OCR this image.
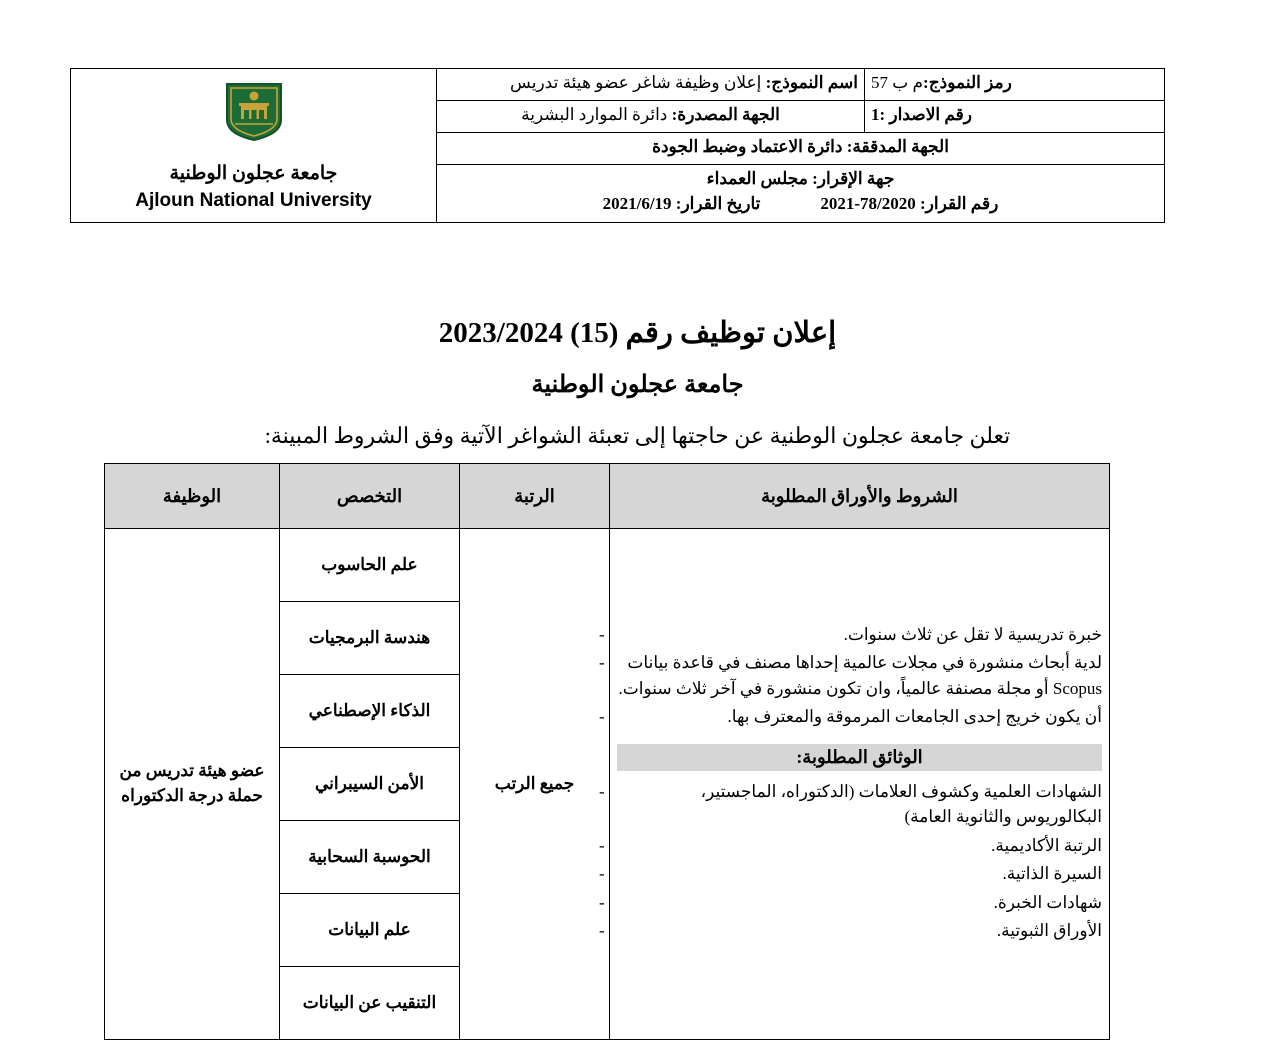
رمز النموذج:م ب 57	اسم النموذج: إعلان وظيفة شاغر عضو هيئة تدريس	جامعة عجلون الوطنية
Ajloun National University

رقم الاصدار :1	الجهة المصدرة: دائرة الموارد البشرية	
الجهة المدققة: دائرة الاعتماد وضبط الجودة		

جهة الإقرار: مجلس العمداء
رقم القرار: 78/2020-2021
تاريخ القرار: 2021/6/19		
إعلان توظيف رقم (15) 2023/2024
جامعة عجلون الوطنية
تعلن جامعة عجلون الوطنية عن حاجتها إلى تعبئة الشواغر الآتية وفق الشروط المبينة:
الشروط والأوراق المطلوبة	الرتبة	التخصص	الوظيفة

-	خبرة تدريسية لا تقل عن ثلاث سنوات.
-	لدية أبحاث منشورة في مجلات عالمية إحداها مصنف في قاعدة بيانات Scopus أو مجلة مصنفة عالمياً، وان تكون منشورة في آخر ثلاث سنوات.
-	أن يكون خريج إحدى الجامعات المرموقة والمعترف بها.
الوثائق المطلوبة:
-	الشهادات العلمية وكشوف العلامات (الدكتوراه، الماجستير، البكالوريوس والثانوية العامة)
-	الرتبة الأكاديمية.
-	السيرة الذاتية.
-	شهادات الخبرة.
-	الأوراق الثبوتية.
	جميع الرتب	علم الحاسوب	عضو هيئة تدريس من حملة درجة الدكتوراه
		هندسة البرمجيات	
		الذكاء الإصطناعي	
		الأمن السيبراني	
		الحوسبة السحابية	
		علم البيانات	
		التنقيب عن البيانات	
